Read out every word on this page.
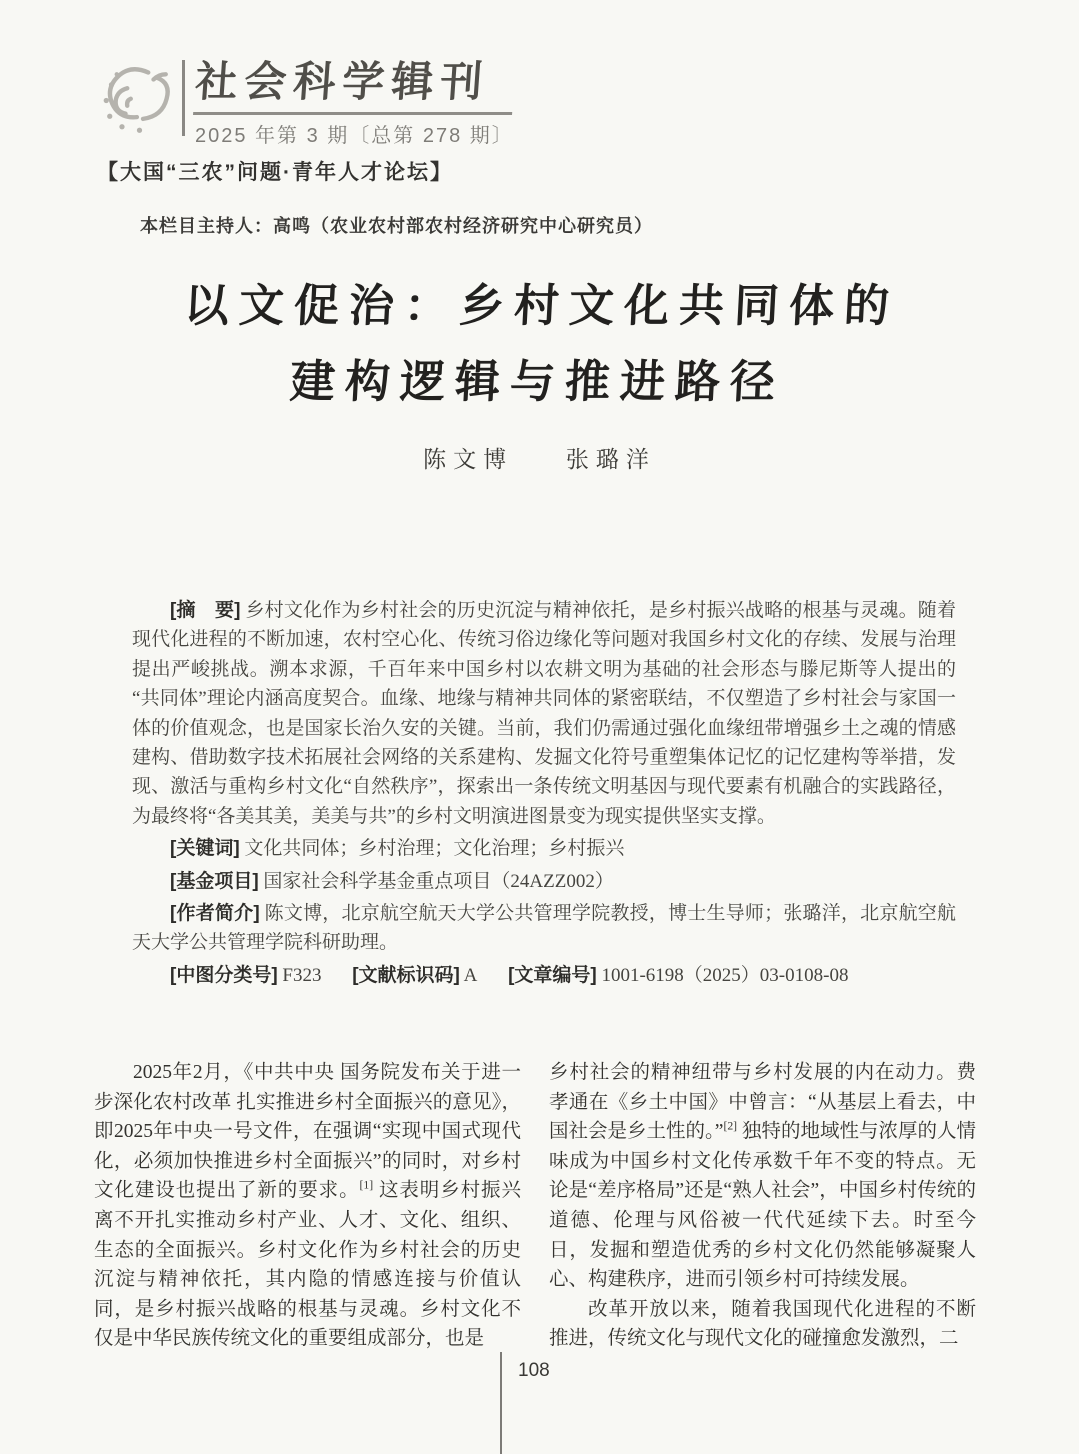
社会科学辑刊
2025 年第 3 期〔总第 278 期〕
【大国“三农”问题·青年人才论坛】
本栏目主持人：高鸣（农业农村部农村经济研究中心研究员）
以文促治：乡村文化共同体的
建构逻辑与推进路径
陈文博 张璐洋

[摘　要] 乡村文化作为乡村社会的历史沉淀与精神依托，是乡村振兴战略的根基与灵魂。随着现代化进程的不断加速，农村空心化、传统习俗边缘化等问题对我国乡村文化的存续、发展与治理提出严峻挑战。溯本求源，千百年来中国乡村以农耕文明为基础的社会形态与滕尼斯等人提出的“共同体”理论内涵高度契合。血缘、地缘与精神共同体的紧密联结，不仅塑造了乡村社会与家国一体的价值观念，也是国家长治久安的关键。当前，我们仍需通过强化血缘纽带增强乡土之魂的情感建构、借助数字技术拓展社会网络的关系建构、发掘文化符号重塑集体记忆的记忆建构等举措，发现、激活与重构乡村文化“自然秩序”，探索出一条传统文明基因与现代要素有机融合的实践路径，为最终将“各美其美，美美与共”的乡村文明演进图景变为现实提供坚实支撑。

[关键词] 文化共同体；乡村治理；文化治理；乡村振兴

[基金项目] 国家社会科学基金重点项目（24AZZ002）

[作者简介] 陈文博，北京航空航天大学公共管理学院教授，博士生导师；张璐洋，北京航空航天大学公共管理学院科研助理。

[中图分类号] F323 [文献标识码] A [文章编号] 1001-6198（2025）03-0108-08

2025年2月，《中共中央 国务院发布关于进一步深化农村改革 扎实推进乡村全面振兴的意见》，即2025年中央一号文件，在强调“实现中国式现代化，必须加快推进乡村全面振兴”的同时，对乡村文化建设也提出了新的要求。[1] 这表明乡村振兴离不开扎实推动乡村产业、人才、文化、组织、生态的全面振兴。乡村文化作为乡村社会的历史沉淀与精神依托，其内隐的情感连接与价值认同，是乡村振兴战略的根基与灵魂。乡村文化不仅是中华民族传统文化的重要组成部分，也是

乡村社会的精神纽带与乡村发展的内在动力。费孝通在《乡土中国》中曾言：“从基层上看去，中国社会是乡土性的。”[2] 独特的地域性与浓厚的人情味成为中国乡村文化传承数千年不变的特点。无论是“差序格局”还是“熟人社会”，中国乡村传统的道德、伦理与风俗被一代代延续下去。时至今日，发掘和塑造优秀的乡村文化仍然能够凝聚人心、构建秩序，进而引领乡村可持续发展。

改革开放以来，随着我国现代化进程的不断推进，传统文化与现代文化的碰撞愈发激烈，二

108
